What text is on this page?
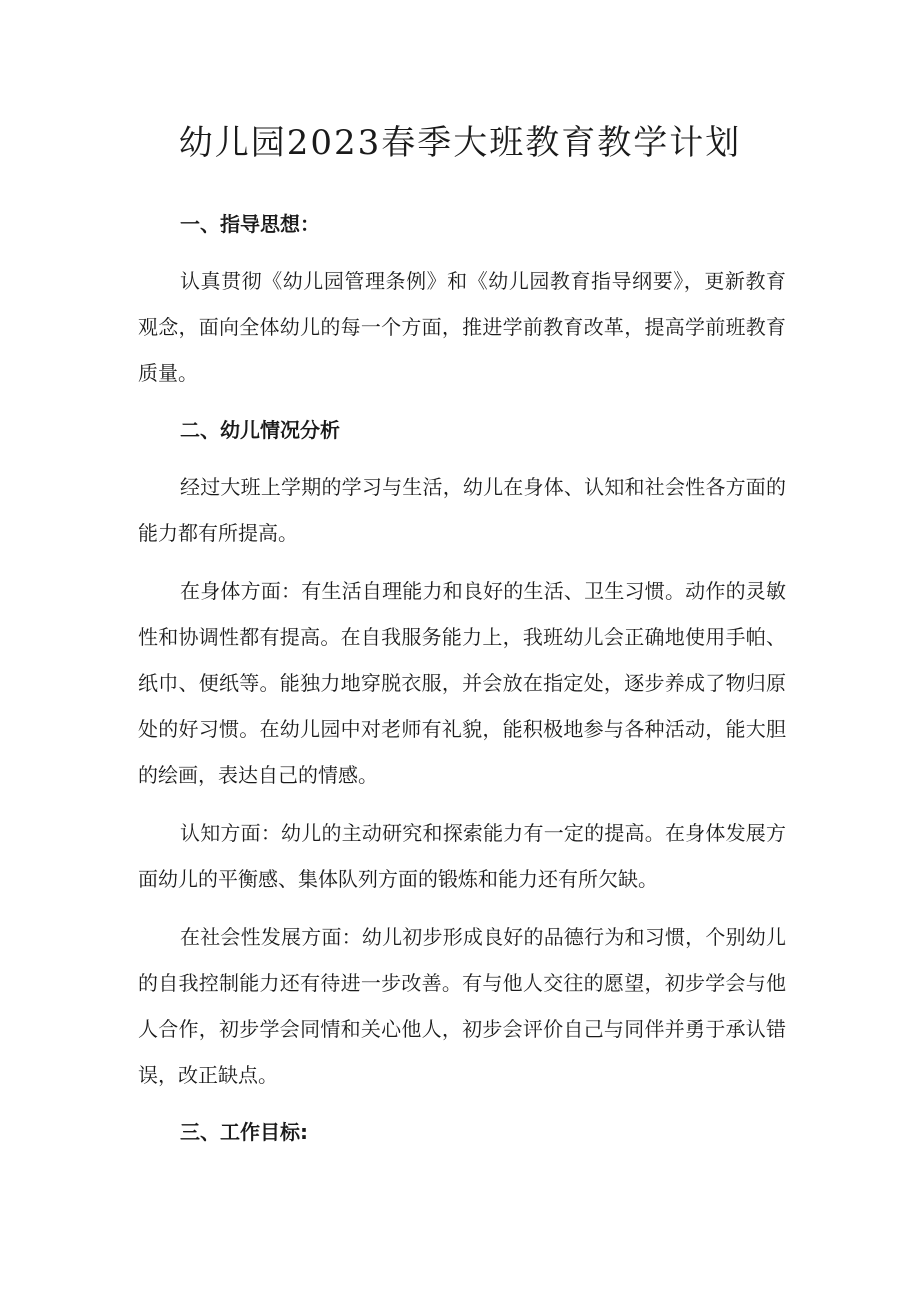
幼儿园2023春季大班教育教学计划
一、指导思想：

认真贯彻《幼儿园管理条例》和《幼儿园教育指导纲要》，更新教育观念，面向全体幼儿的每一个方面，推进学前教育改革，提高学前班教育质量。

二、幼儿情况分析

经过大班上学期的学习与生活，幼儿在身体、认知和社会性各方面的能力都有所提高。

在身体方面：有生活自理能力和良好的生活、卫生习惯。动作的灵敏性和协调性都有提高。在自我服务能力上，我班幼儿会正确地使用手帕、纸巾、便纸等。能独力地穿脱衣服，并会放在指定处，逐步养成了物归原处的好习惯。在幼儿园中对老师有礼貌，能积极地参与各种活动，能大胆的绘画，表达自己的情感。

认知方面：幼儿的主动研究和探索能力有一定的提高。在身体发展方面幼儿的平衡感、集体队列方面的锻炼和能力还有所欠缺。

在社会性发展方面：幼儿初步形成良好的品德行为和习惯，个别幼儿的自我控制能力还有待进一步改善。有与他人交往的愿望，初步学会与他人合作，初步学会同情和关心他人，初步会评价自己与同伴并勇于承认错误，改正缺点。

三、工作目标:
